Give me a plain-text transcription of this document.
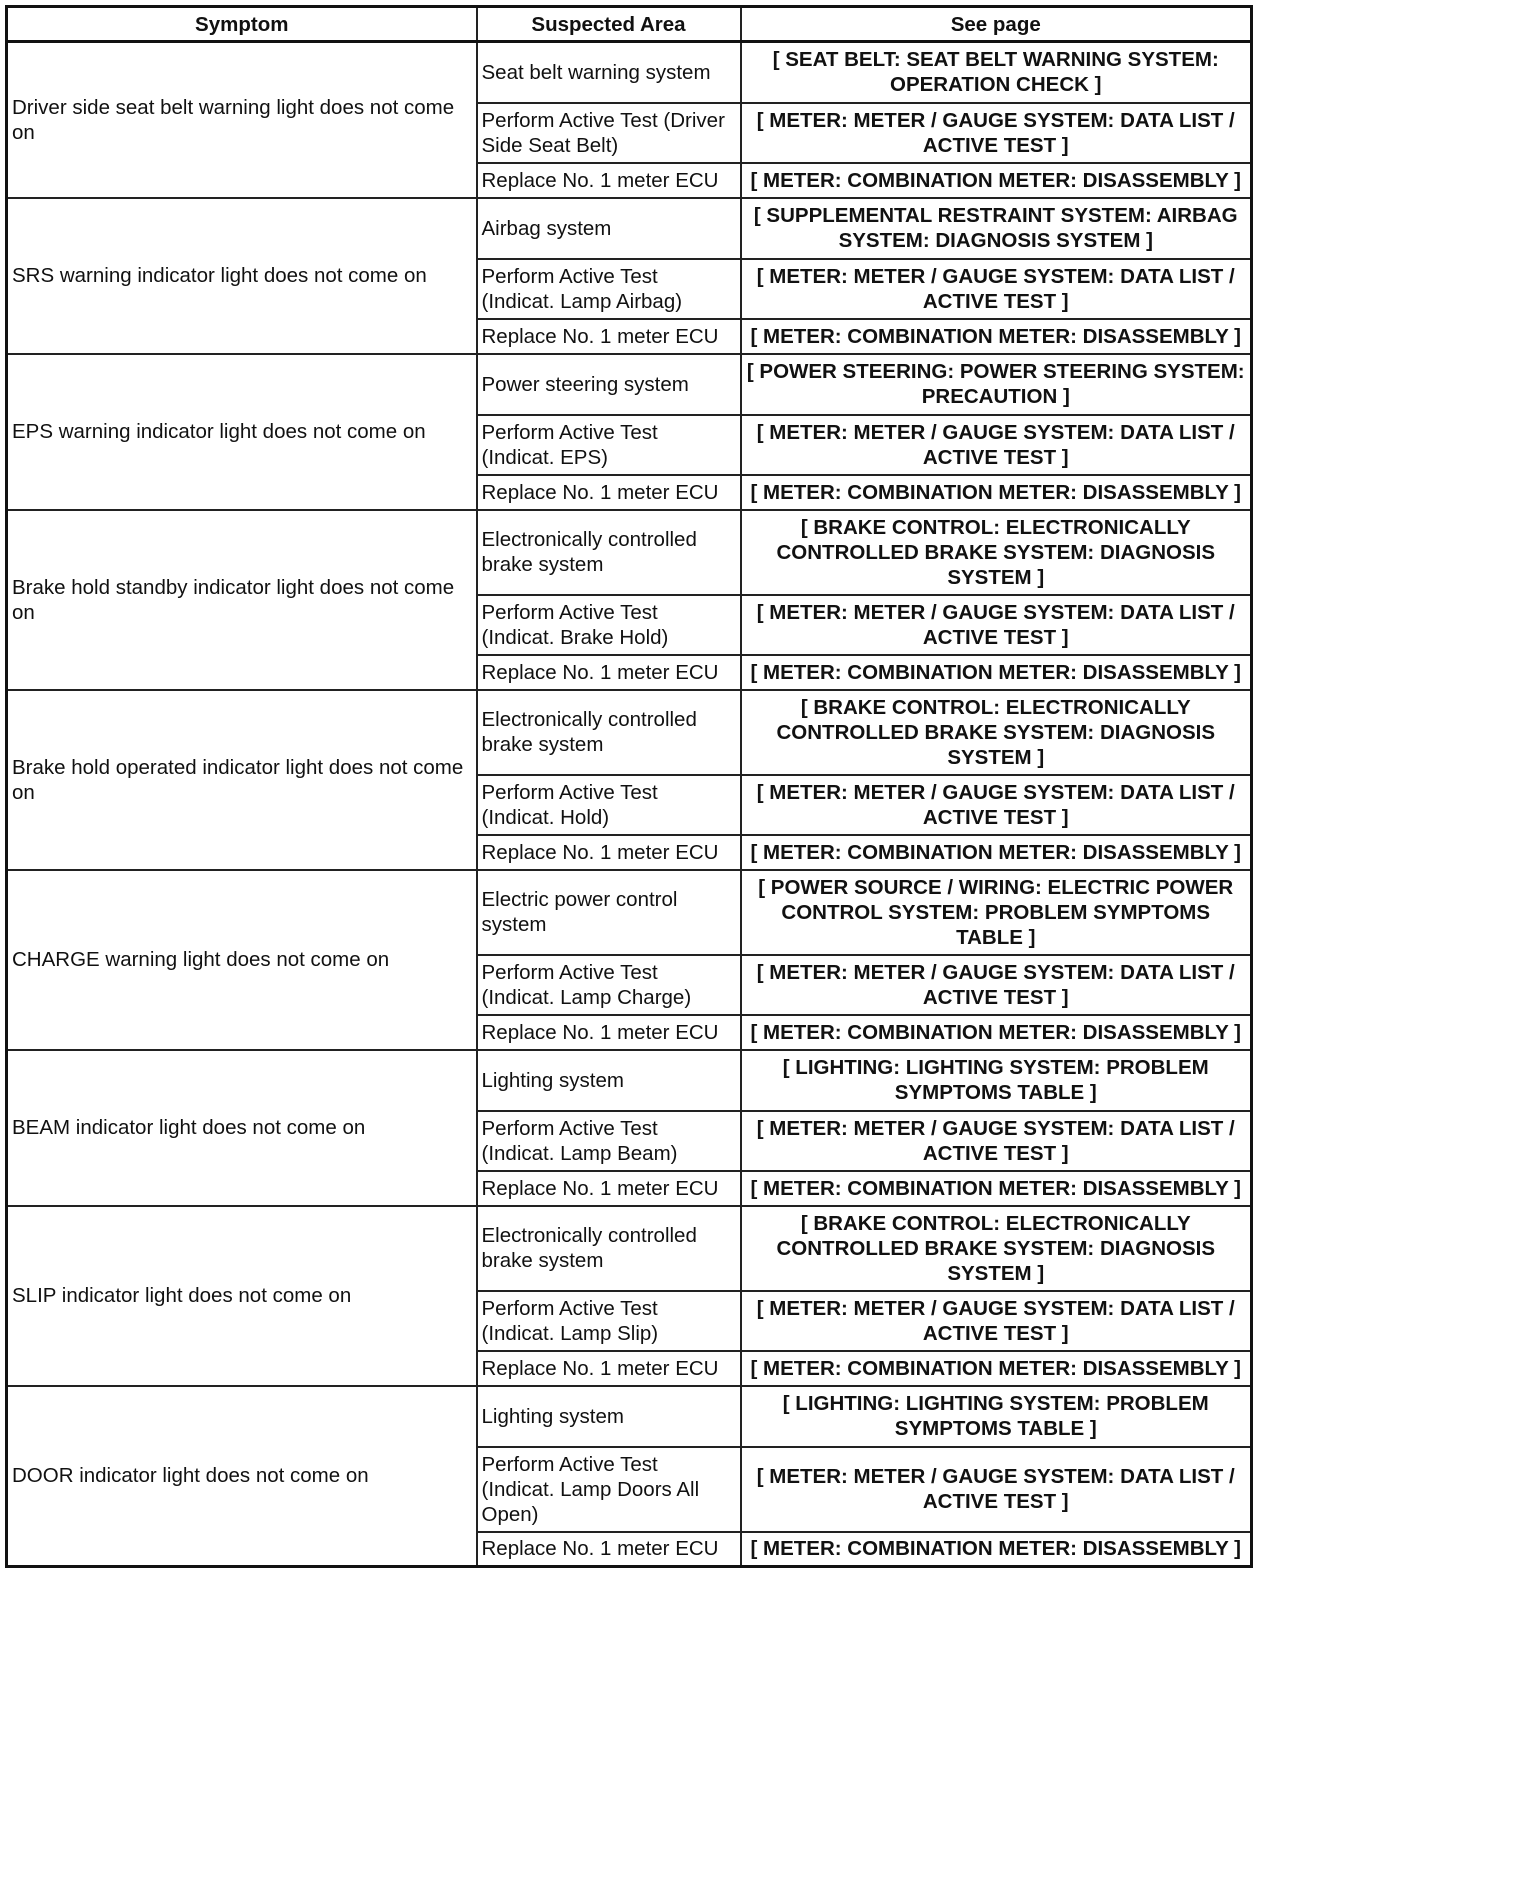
Symptom	Suspected Area	See page
Driver side seat belt warning light does not come on	Seat belt warning system	[ SEAT BELT: SEAT BELT WARNING SYSTEM: OPERATION CHECK ]
	Perform Active Test (Driver Side Seat Belt)	[ METER: METER / GAUGE SYSTEM: DATA LIST / ACTIVE TEST ]
	Replace No. 1 meter ECU	[ METER: COMBINATION METER: DISASSEMBLY ]
SRS warning indicator light does not come on	Airbag system	[ SUPPLEMENTAL RESTRAINT SYSTEM: AIRBAG SYSTEM: DIAGNOSIS SYSTEM ]
	Perform Active Test (Indicat. Lamp Airbag)	[ METER: METER / GAUGE SYSTEM: DATA LIST / ACTIVE TEST ]
	Replace No. 1 meter ECU	[ METER: COMBINATION METER: DISASSEMBLY ]
EPS warning indicator light does not come on	Power steering system	[ POWER STEERING: POWER STEERING SYSTEM: PRECAUTION ]
	Perform Active Test (Indicat. EPS)	[ METER: METER / GAUGE SYSTEM: DATA LIST / ACTIVE TEST ]
	Replace No. 1 meter ECU	[ METER: COMBINATION METER: DISASSEMBLY ]
Brake hold standby indicator light does not come on	Electronically controlled brake system	[ BRAKE CONTROL: ELECTRONICALLY CONTROLLED BRAKE SYSTEM: DIAGNOSIS SYSTEM ]
	Perform Active Test (Indicat. Brake Hold)	[ METER: METER / GAUGE SYSTEM: DATA LIST / ACTIVE TEST ]
	Replace No. 1 meter ECU	[ METER: COMBINATION METER: DISASSEMBLY ]
Brake hold operated indicator light does not come on	Electronically controlled brake system	[ BRAKE CONTROL: ELECTRONICALLY CONTROLLED BRAKE SYSTEM: DIAGNOSIS SYSTEM ]
	Perform Active Test (Indicat. Hold)	[ METER: METER / GAUGE SYSTEM: DATA LIST / ACTIVE TEST ]
	Replace No. 1 meter ECU	[ METER: COMBINATION METER: DISASSEMBLY ]
CHARGE warning light does not come on	Electric power control system	[ POWER SOURCE / WIRING: ELECTRIC POWER CONTROL SYSTEM: PROBLEM SYMPTOMS TABLE ]
	Perform Active Test (Indicat. Lamp Charge)	[ METER: METER / GAUGE SYSTEM: DATA LIST / ACTIVE TEST ]
	Replace No. 1 meter ECU	[ METER: COMBINATION METER: DISASSEMBLY ]
BEAM indicator light does not come on	Lighting system	[ LIGHTING: LIGHTING SYSTEM: PROBLEM SYMPTOMS TABLE ]
	Perform Active Test (Indicat. Lamp Beam)	[ METER: METER / GAUGE SYSTEM: DATA LIST / ACTIVE TEST ]
	Replace No. 1 meter ECU	[ METER: COMBINATION METER: DISASSEMBLY ]
SLIP indicator light does not come on	Electronically controlled brake system	[ BRAKE CONTROL: ELECTRONICALLY CONTROLLED BRAKE SYSTEM: DIAGNOSIS SYSTEM ]
	Perform Active Test (Indicat. Lamp Slip)	[ METER: METER / GAUGE SYSTEM: DATA LIST / ACTIVE TEST ]
	Replace No. 1 meter ECU	[ METER: COMBINATION METER: DISASSEMBLY ]
DOOR indicator light does not come on	Lighting system	[ LIGHTING: LIGHTING SYSTEM: PROBLEM SYMPTOMS TABLE ]
	Perform Active Test (Indicat. Lamp Doors All Open)	[ METER: METER / GAUGE SYSTEM: DATA LIST / ACTIVE TEST ]
	Replace No. 1 meter ECU	[ METER: COMBINATION METER: DISASSEMBLY ]
